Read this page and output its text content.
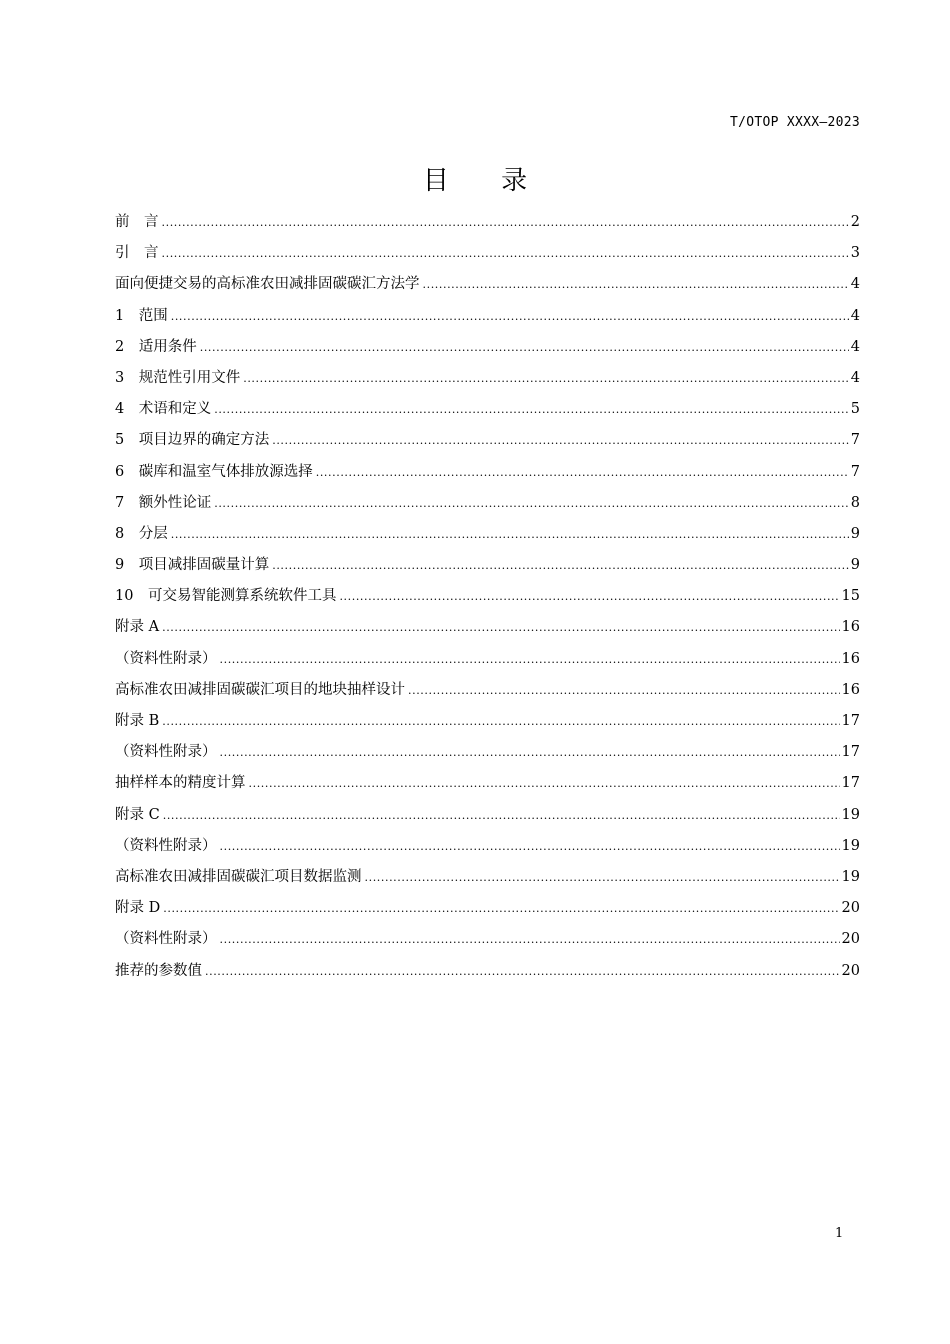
T/OTOP XXXX—2023
目 录
前　言 .....	2
引　言 .....	3
面向便捷交易的高标准农田减排固碳碳汇方法学 .....	4
1　范围 .....	4
2　适用条件 .....	4
3　规范性引用文件 .....	4
4　术语和定义 .....	5
5　项目边界的确定方法 .....	7
6　碳库和温室气体排放源选择 .....	7
7　额外性论证 .....	8
8　分层 .....	9
9　项目减排固碳量计算 .....	9
10　可交易智能测算系统软件工具 .....	15
附录 A .....	16
（资料性附录） .....	16
高标准农田减排固碳碳汇项目的地块抽样设计 .....	16
附录 B .....	17
（资料性附录） .....	17
抽样样本的精度计算 .....	17
附录 C .....	19
（资料性附录） .....	19
高标准农田减排固碳碳汇项目数据监测 .....	19
附录 D .....	20
（资料性附录） .....	20
推荐的参数值 .....	20
1
